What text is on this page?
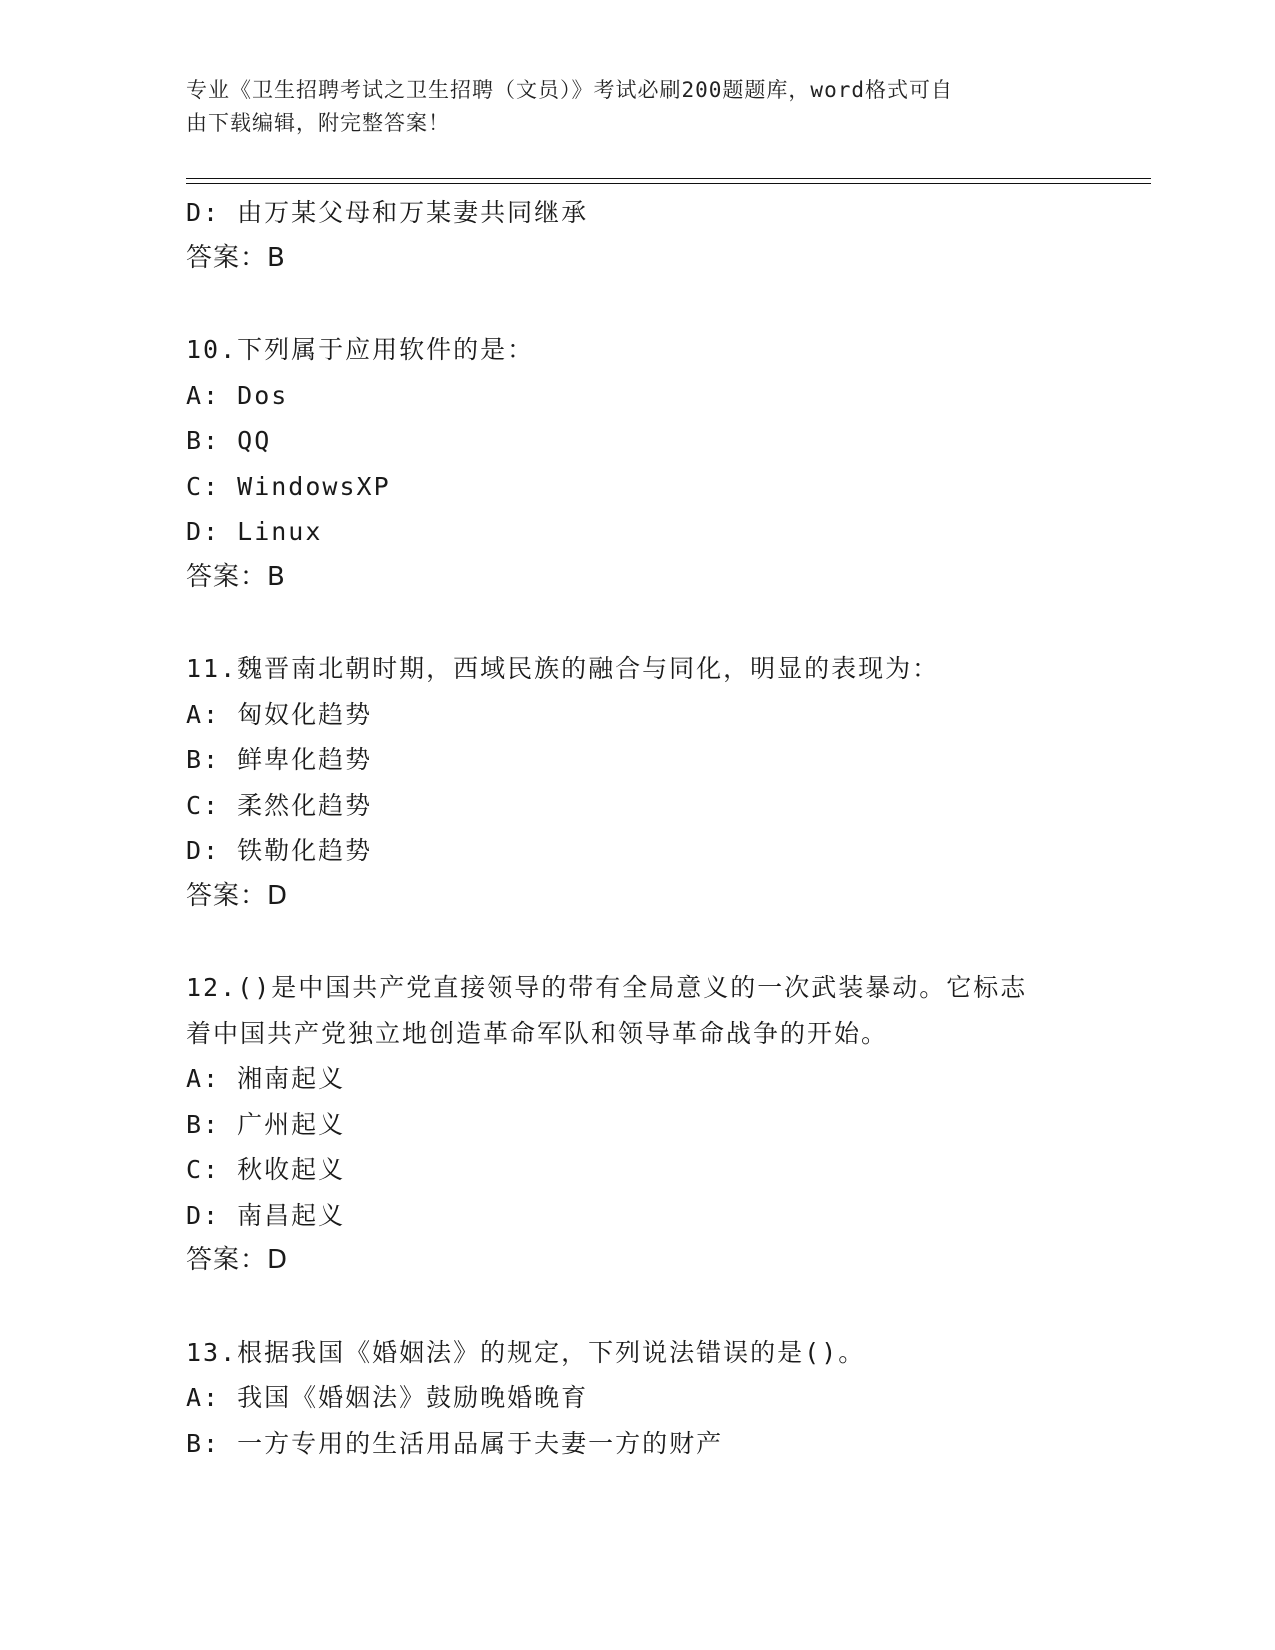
专业《卫生招聘考试之卫生招聘（文员）》考试必刷200题题库，word格式可自
由下载编辑，附完整答案！
D: 由万某父母和万某妻共同继承
答案：B
10.下列属于应用软件的是：
A: Dos
B: QQ
C: WindowsXP
D: Linux
答案：B
11.魏晋南北朝时期，西域民族的融合与同化，明显的表现为：
A: 匈奴化趋势
B: 鲜卑化趋势
C: 柔然化趋势
D: 铁勒化趋势
答案：D
12.()是中国共产党直接领导的带有全局意义的一次武装暴动。它标志
着中国共产党独立地创造革命军队和领导革命战争的开始。
A: 湘南起义
B: 广州起义
C: 秋收起义
D: 南昌起义
答案：D
13.根据我国《婚姻法》的规定，下列说法错误的是()。
A: 我国《婚姻法》鼓励晚婚晚育
B: 一方专用的生活用品属于夫妻一方的财产
